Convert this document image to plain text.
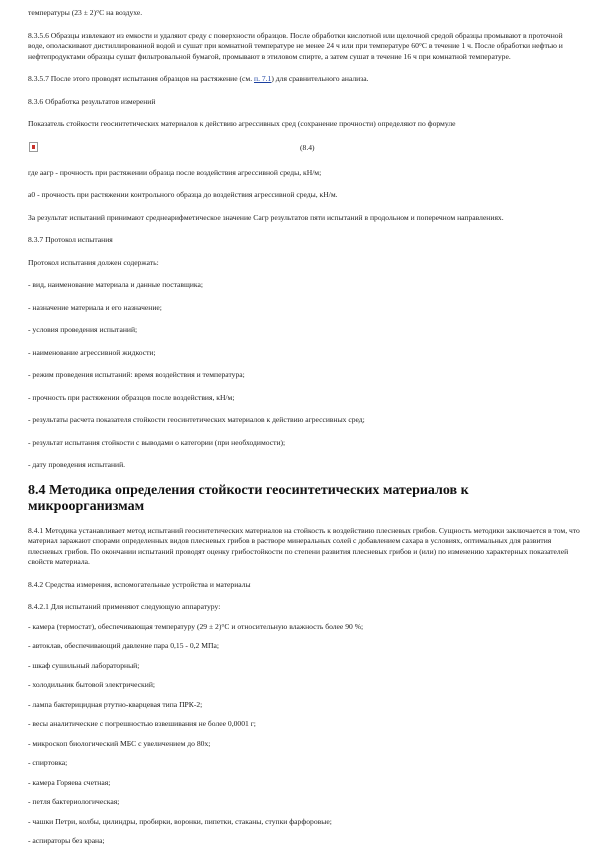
температуры (23 ± 2)°С на воздухе.

8.3.5.6 Образцы извлекают из емкости и удаляют среду с поверхности образцов. После обработки кислотной или щелочной средой образцы промывают в проточной воде, ополаскивают дистиллированной водой и сушат при комнатной температуре не менее 24 ч или при температуре 60°С в течение 1 ч. После обработки нефтью и нефтепродуктами образцы сушат фильтровальной бумагой, промывают в этиловом спирте, а затем сушат в течение 16 ч при комнатной температуре.

8.3.5.7 После этого проводят испытания образцов на растяжение (см. п. 7.1) для сравнительного анализа.

8.3.6 Обработка результатов измерений

Показатель стойкости геосинтетических материалов к действию агрессивных сред (сохранение прочности) определяют по формуле

(8.4)

где aагр - прочность при растяжении образца после воздействия агрессивной среды, кН/м;

a0 - прочность при растяжении контрольного образца до воздействия агрессивной среды, кН/м.

За результат испытаний принимают среднеарифметическое значение Сагр результатов пяти испытаний в продольном и поперечном направлениях.

8.3.7 Протокол испытания

Протокол испытания должен содержать:

- вид, наименование материала и данные поставщика;

- назначение материала и его назначение;

- условия проведения испытаний;

- наименование агрессивной жидкости;

- режим проведения испытаний: время воздействия и температура;

- прочность при растяжении образцов после воздействия, кН/м;

- результаты расчета показателя стойкости геосинтетических материалов к действию агрессивных сред;

- результат испытания стойкости с выводами о категории (при необходимости);

- дату проведения испытаний.

8.4 Методика определения стойкости геосинтетических материалов к микроорганизмам

8.4.1 Методика устанавливает метод испытаний геосинтетических материалов на стойкость к воздействию плесневых грибов. Сущность методики заключается в том, что материал заражают спорами определенных видов плесневых грибов в растворе минеральных солей с добавлением сахара в условиях, оптимальных для развития плесневых грибов. По окончании испытаний проводят оценку грибостойкости по степени развития плесневых грибов и (или) по изменению характерных показателей свойств материала.

8.4.2 Средства измерения, вспомогательные устройства и материалы

8.4.2.1 Для испытаний применяют следующую аппаратуру:

- камера (термостат), обеспечивающая температуру (29 ± 2)°С и относительную влажность более 90 %;

- автоклав, обеспечивающий давление пара 0,15 - 0,2 МПа;

- шкаф сушильный лабораторный;

- холодильник бытовой электрический;

- лампа бактерицидная ртутно-кварцевая типа ПРК-2;

- весы аналитические с погрешностью взвешивания не более 0,0001 г;

- микроскоп биологический МБС с увеличением до 80х;

- спиртовка;

- камера Горяева счетная;

- петля бактериологическая;

- чашки Петри, колбы, цилиндры, пробирки, воронки, пипетки, стаканы, ступки фарфоровые;

- аспираторы без крана;
